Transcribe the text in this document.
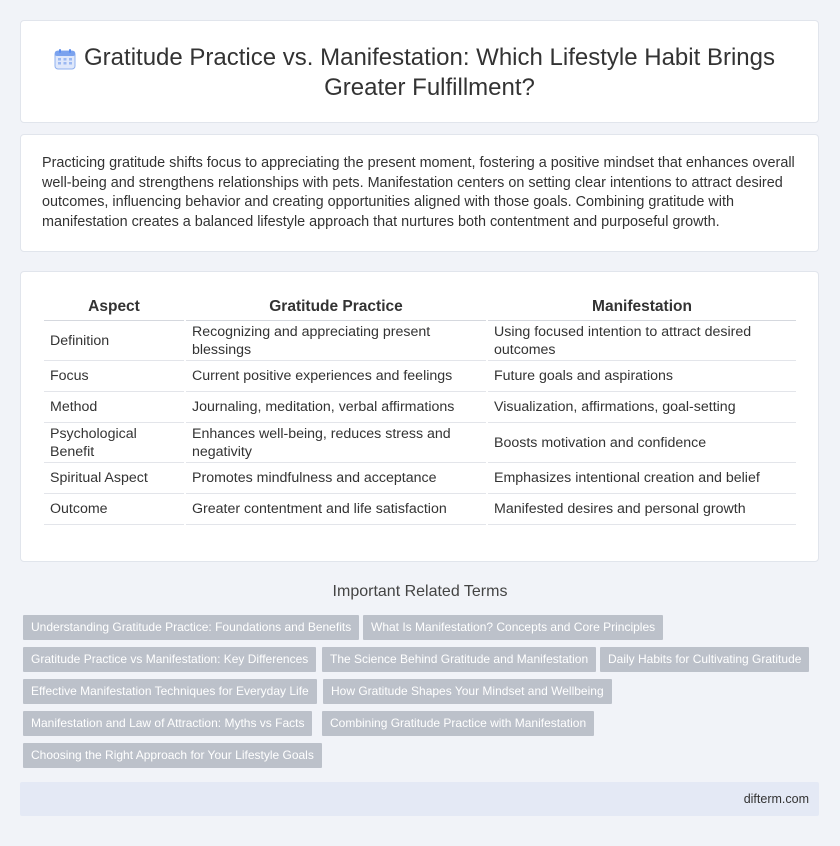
Gratitude Practice vs. Manifestation: Which Lifestyle Habit Brings Greater Fulfillment?
Practicing gratitude shifts focus to appreciating the present moment, fostering a positive mindset that enhances overall well-being and strengthens relationships with pets. Manifestation centers on setting clear intentions to attract desired outcomes, influencing behavior and creating opportunities aligned with those goals. Combining gratitude with manifestation creates a balanced lifestyle approach that nurtures both contentment and purposeful growth.
Aspect	Gratitude Practice	Manifestation
Definition	Recognizing and appreciating present blessings	Using focused intention to attract desired outcomes
Focus	Current positive experiences and feelings	Future goals and aspirations
Method	Journaling, meditation, verbal affirmations	Visualization, affirmations, goal-setting
Psychological Benefit	Enhances well-being, reduces stress and negativity	Boosts motivation and confidence
Spiritual Aspect	Promotes mindfulness and acceptance	Emphasizes intentional creation and belief
Outcome	Greater contentment and life satisfaction	Manifested desires and personal growth
Important Related Terms
Understanding Gratitude Practice: Foundations and Benefits	What Is Manifestation? Concepts and Core Principles
Gratitude Practice vs Manifestation: Key Differences	The Science Behind Gratitude and Manifestation	Daily Habits for Cultivating Gratitude
Effective Manifestation Techniques for Everyday Life	How Gratitude Shapes Your Mindset and Wellbeing
Manifestation and Law of Attraction: Myths vs Facts	Combining Gratitude Practice with Manifestation
Choosing the Right Approach for Your Lifestyle Goals
difterm.com
